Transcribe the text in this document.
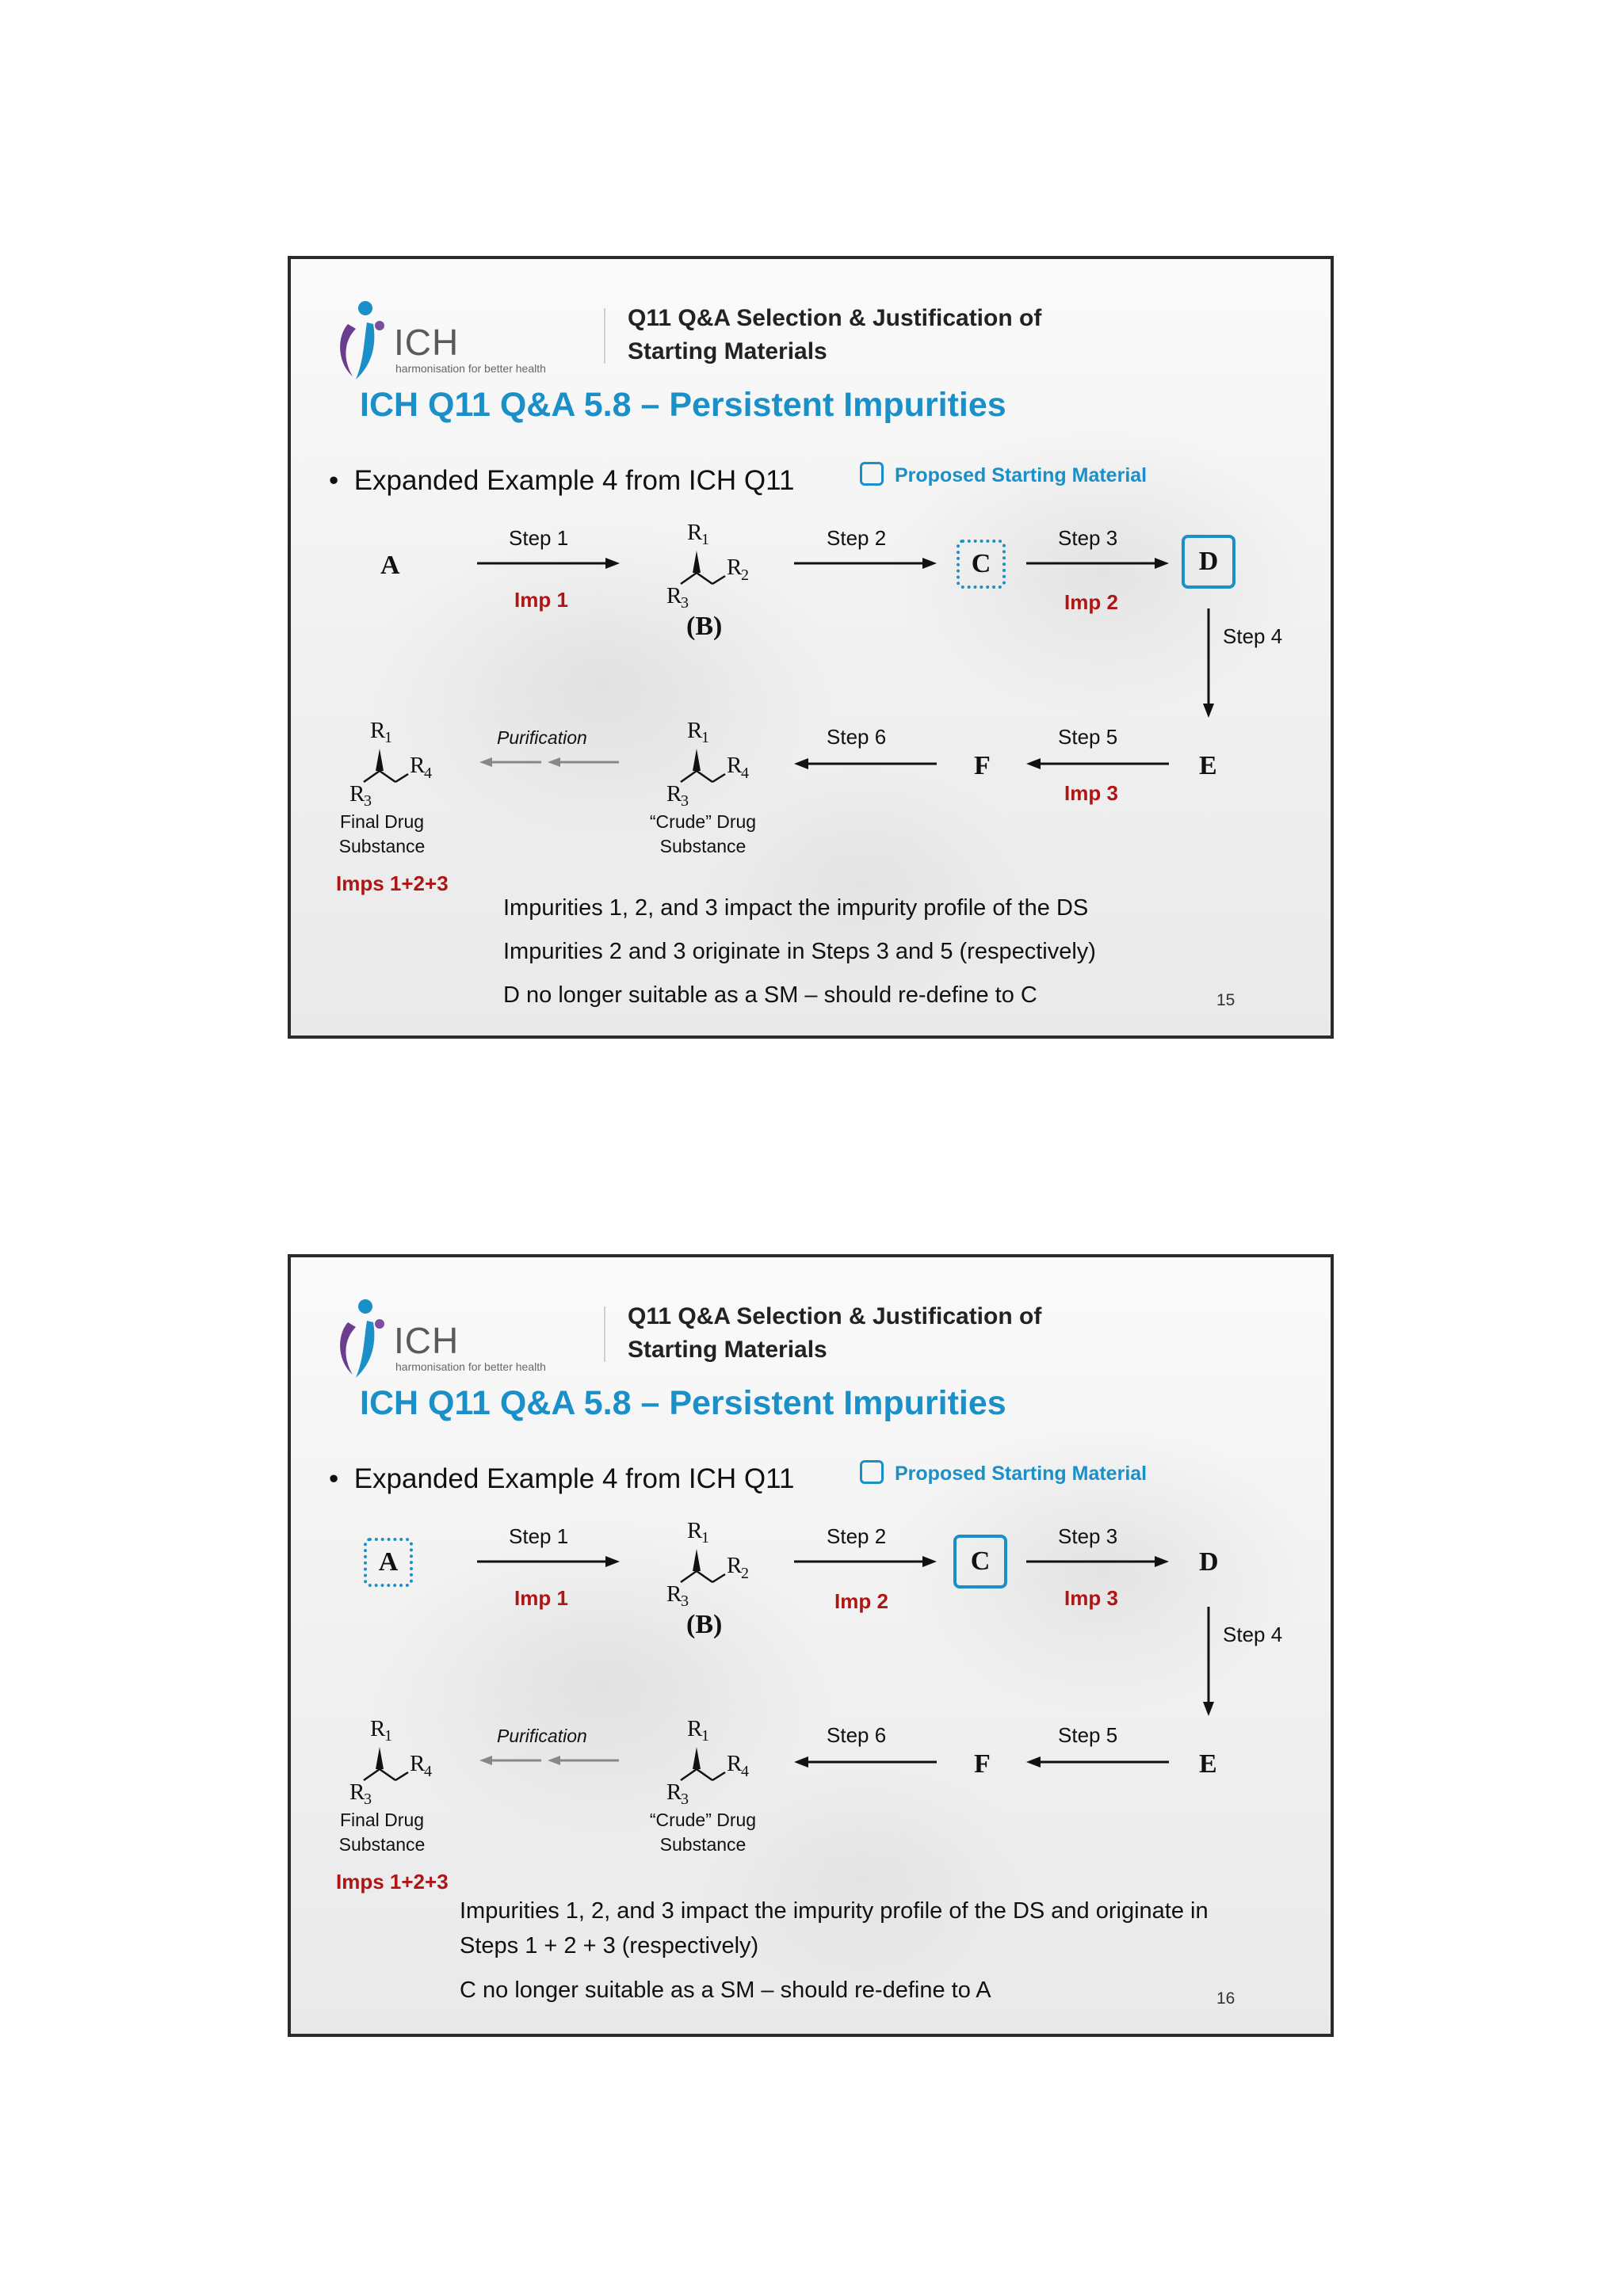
ICH
harmonisation for better health
Q11 Q&A Selection & Justification of Starting Materials
ICH Q11 Q&A 5.8 – Persistent Impurities
•  Expanded Example 4 from ICH Q11	Proposed Starting Material
A
Step 1
Imp 1
R
1
R
2
R
3
(B)
Step 2
C
Step 3
Imp 2
D
Step 4
E
Step 5
Imp 3
F
Step 6
R
1
R
4
R
3
“Crude” Drug Substance
Purification
R
1
R
4
R
3
Final Drug Substance
Imps 1+2+3
Impurities 1, 2, and 3 impact the impurity profile of the DS
Impurities 2 and 3 originate in Steps 3 and 5 (respectively)
D no longer suitable as a SM – should re-define to C	15
ICH
harmonisation for better health
Q11 Q&A Selection & Justification of Starting Materials
ICH Q11 Q&A 5.8 – Persistent Impurities
•  Expanded Example 4 from ICH Q11	Proposed Starting Material
A
Step 1
Imp 1
R
1
R
2
R
3
(B)
Step 2
Imp 2
C
Step 3
Imp 3
D
Step 4
E
Step 5
F
Step 6
R
1
R
4
R
3
“Crude” Drug Substance
Purification
R
1
R
4
R
3
Final Drug Substance
Imps 1+2+3
Impurities 1, 2, and 3 impact the impurity profile of the DS and originate in Steps 1 + 2 + 3 (respectively)
C no longer suitable as a SM – should re-define to A	16
